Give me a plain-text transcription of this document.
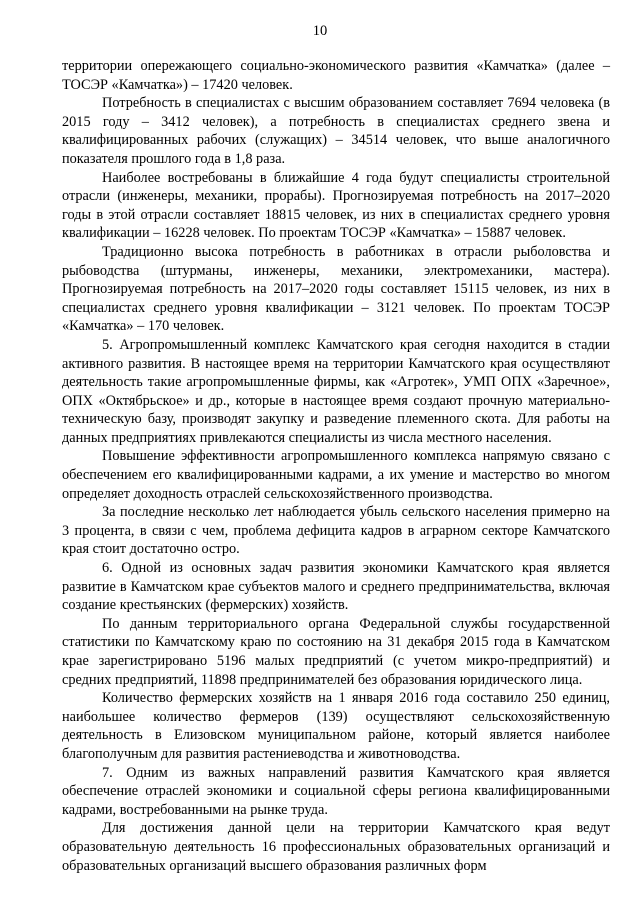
10

территории опережающего социально-экономического развития «Камчатка» (далее – ТОСЭР «Камчатка») – 17420 человек.

Потребность в специалистах с высшим образованием составляет 7694 человека (в 2015 году – 3412 человек), а потребность в специалистах среднего звена и квалифицированных рабочих (служащих) – 34514 человек, что выше аналогичного показателя прошлого года в 1,8 раза.

Наиболее востребованы в ближайшие 4 года будут специалисты строительной отрасли (инженеры, механики, прорабы). Прогнозируемая потребность на 2017–2020 годы в этой отрасли составляет 18815 человек, из них в специалистах среднего уровня квалификации – 16228 человек. По проектам ТОСЭР «Камчатка» – 15887 человек.

Традиционно высока потребность в работниках в отрасли рыболовства и рыбоводства (штурманы, инженеры, механики, электромеханики, мастера). Прогнозируемая потребность на 2017–2020 годы составляет 15115 человек, из них в специалистах среднего уровня квалификации – 3121 человек. По проектам ТОСЭР «Камчатка» – 170 человек.

5. Агропромышленный комплекс Камчатского края сегодня находится в стадии активного развития. В настоящее время на территории Камчатского края осуществляют деятельность такие агропромышленные фирмы, как «Агротек», УМП ОПХ «Заречное», ОПХ «Октябрьское» и др., которые в настоящее время создают прочную материально-техническую базу, производят закупку и разведение племенного скота. Для работы на данных предприятиях привлекаются специалисты из числа местного населения.

Повышение эффективности агропромышленного комплекса напрямую связано с обеспечением его квалифицированными кадрами, а их умение и мастерство во многом определяет доходность отраслей сельскохозяйственного производства.

За последние несколько лет наблюдается убыль сельского населения примерно на 3 процента, в связи с чем, проблема дефицита кадров в аграрном секторе Камчатского края стоит достаточно остро.

6. Одной из основных задач развития экономики Камчатского края является развитие в Камчатском крае субъектов малого и среднего предпринимательства, включая создание крестьянских (фермерских) хозяйств.

По данным территориального органа Федеральной службы государственной статистики по Камчатскому краю по состоянию на 31 декабря 2015 года в Камчатском крае зарегистрировано 5196 малых предприятий (с учетом микро-предприятий) и средних предприятий, 11898 предпринимателей без образования юридического лица.

Количество фермерских хозяйств на 1 января 2016 года составило 250 единиц, наибольшее количество фермеров (139) осуществляют сельскохозяйственную деятельность в Елизовском муниципальном районе, который является наиболее благополучным для развития растениеводства и животноводства.

7. Одним из важных направлений развития Камчатского края является обеспечение отраслей экономики и социальной сферы региона квалифицированными кадрами, востребованными на рынке труда.

Для достижения данной цели на территории Камчатского края ведут образовательную деятельность 16 профессиональных образовательных организаций и образовательных организаций высшего образования различных форм
